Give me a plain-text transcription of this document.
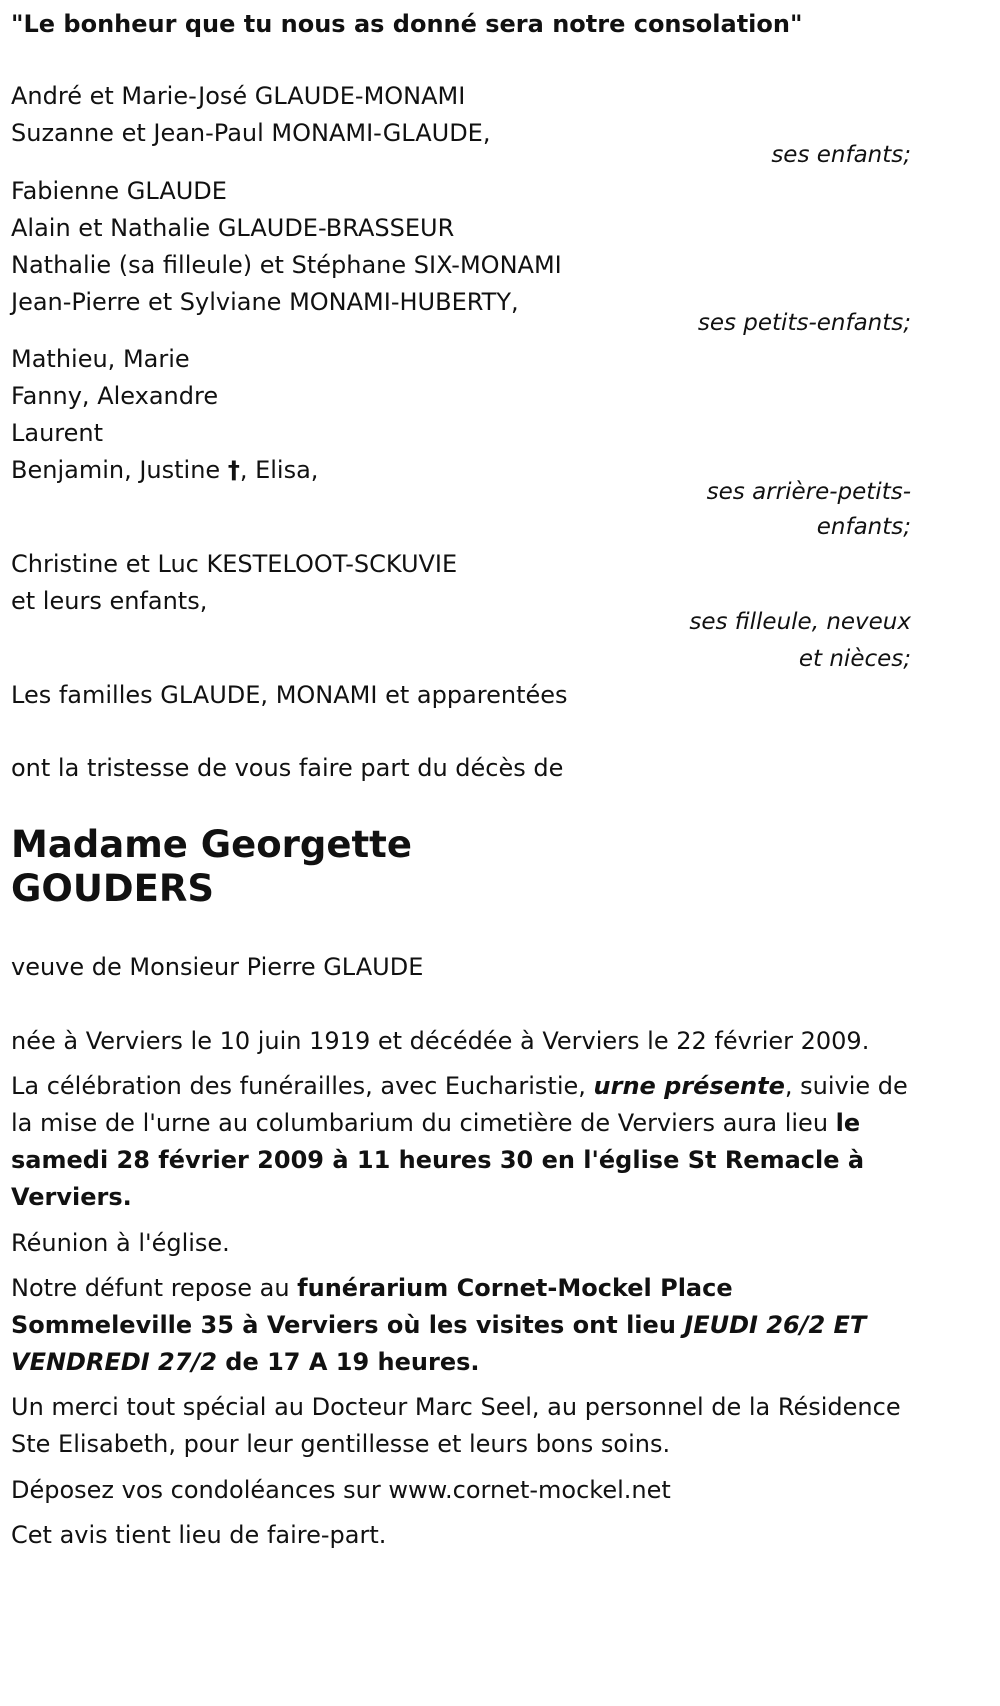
"Le bonheur que tu nous as donné sera notre consolation"
André et Marie-José GLAUDE-MONAMI
Suzanne et Jean-Paul MONAMI-GLAUDE,
ses enfants;
Fabienne GLAUDE
Alain et Nathalie GLAUDE-BRASSEUR
Nathalie (sa filleule) et Stéphane SIX-MONAMI
Jean-Pierre et Sylviane MONAMI-HUBERTY,
ses petits-enfants;
Mathieu, Marie
Fanny, Alexandre
Laurent
Benjamin, Justine †, Elisa,
ses arrière-petits-
enfants;
Christine et Luc KESTELOOT-SCKUVIE
et leurs enfants,
ses filleule, neveux
et nièces;
Les familles GLAUDE, MONAMI et apparentées
ont la tristesse de vous faire part du décès de
Madame Georgette
GOUDERS
veuve de Monsieur Pierre GLAUDE
née à Verviers le 10 juin 1919 et décédée à Verviers le 22 février 2009.
La célébration des funérailles, avec Eucharistie, urne présente, suivie de la mise de l'urne au columbarium du cimetière de Verviers aura lieu le samedi 28 février 2009 à 11 heures 30 en l'église St Remacle à Verviers.
Réunion à l'église.
Notre défunt repose au funérarium Cornet-Mockel Place Sommeleville 35 à Verviers où les visites ont lieu JEUDI 26/2 ET VENDREDI 27/2 de 17 A 19 heures.
Un merci tout spécial au Docteur Marc Seel, au personnel de la Résidence Ste Elisabeth, pour leur gentillesse et leurs bons soins.
Déposez vos condoléances sur www.cornet-mockel.net
Cet avis tient lieu de faire-part.
